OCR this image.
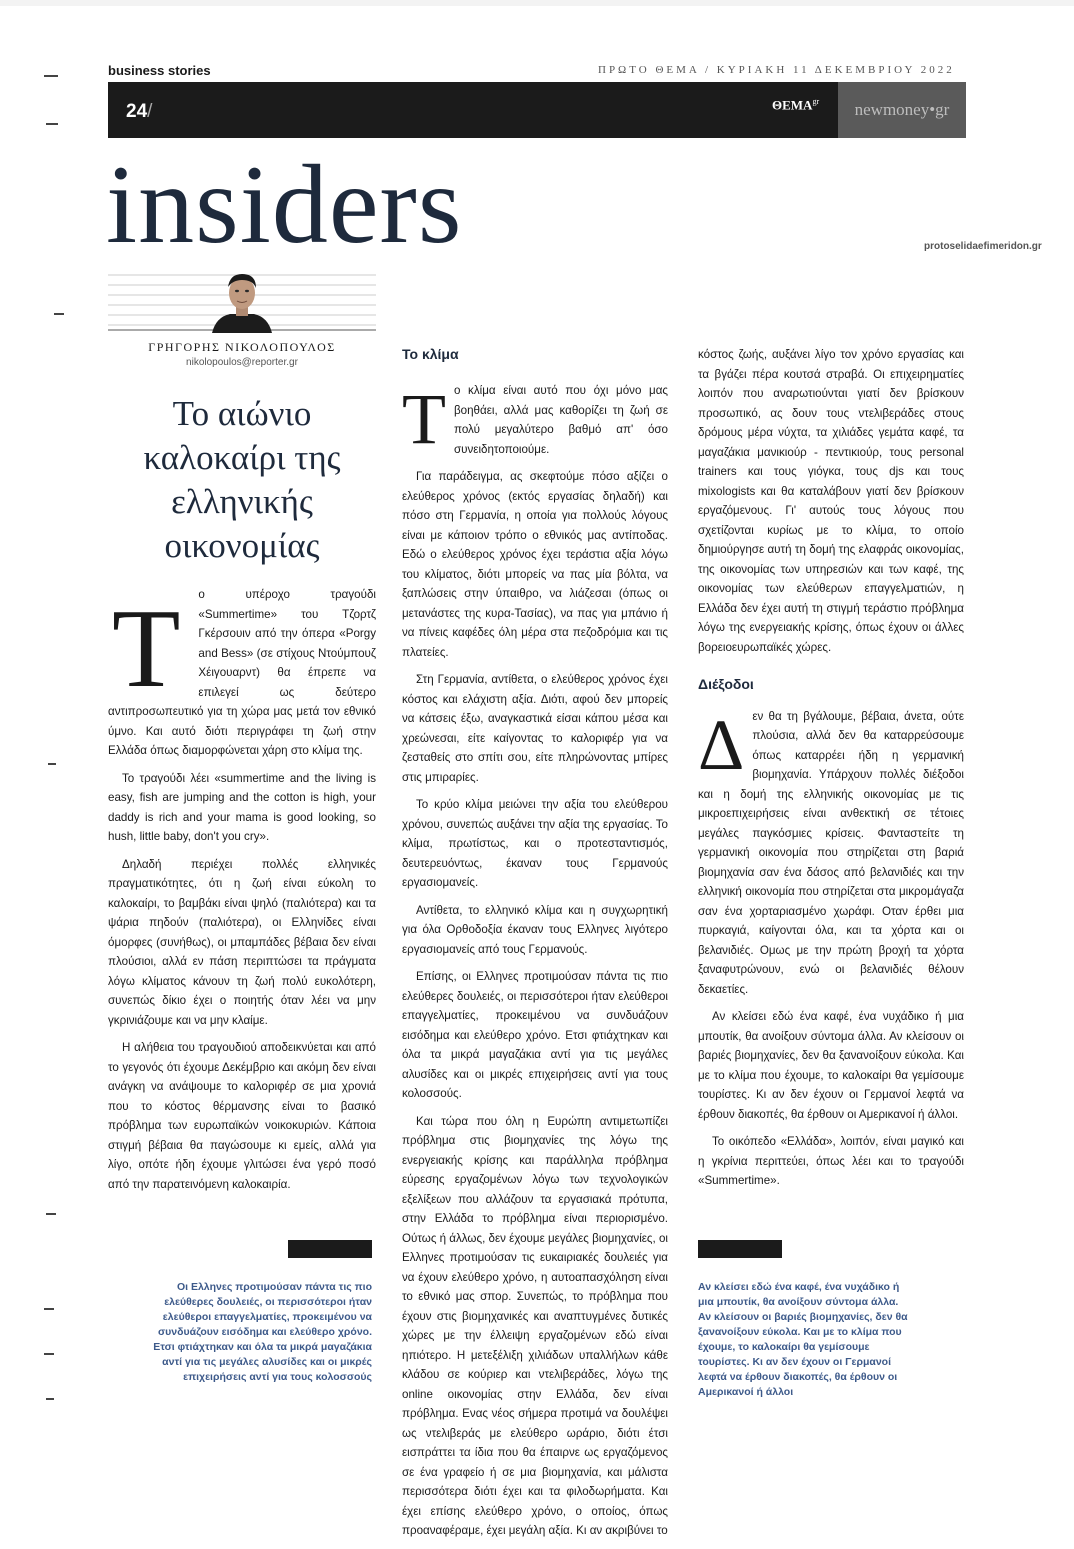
business stories	ΠΡΩΤΟ ΘΕΜΑ / ΚΥΡΙΑΚΗ 11 ΔΕΚΕΜΒΡΙΟΥ 2022
24/	$\Theta EMA^{gr}$	newmoney•gr
insiders	protoselidaefimeridon.gr
ΓΡΗΓΟΡΗΣ ΝΙΚΟΛΟΠΟΥΛΟΣ
nikolopoulos@reporter.gr
Το αιώνιο καλοκαίρι της ελληνικής οικονομίας

Τ ο υπέροχο τραγούδι «Summertime» του Τζορτζ Γκέρσουιν από την όπερα «Porgy and Bess» (σε στίχους Ντούμπουζ Χέιγουαρντ) θα έπρεπε να επιλεγεί ως δεύτερο αντιπροσωπευτικό για τη χώρα μας μετά τον εθνικό ύμνο. Και αυτό διότι περιγράφει τη ζωή στην Ελλάδα όπως διαμορφώνεται χάρη στο κλίμα της.

Το τραγούδι λέει «summertime and the living is easy, fish are jumping and the cotton is high, your daddy is rich and your mama is good looking, so hush, little baby, don't you cry».

Δηλαδή περιέχει πολλές ελληνικές πραγματικότητες, ότι η ζωή είναι εύκολη το καλοκαίρι, το βαμβάκι είναι ψηλό (παλιότερα) και τα ψάρια πηδούν (παλιότερα), οι Ελληνίδες είναι όμορφες (συνήθως), οι μπαμπάδες βέβαια δεν είναι πλούσιοι, αλλά εν πάση περιπτώσει τα πράγματα λόγω κλίματος κάνουν τη ζωή πολύ ευκολότερη, συνεπώς δίκιο έχει ο ποιητής όταν λέει να μην γκρινιάζουμε και να μην κλαίμε.

Η αλήθεια του τραγουδιού αποδεικνύεται και από το γεγονός ότι έχουμε Δεκέμβριο και ακόμη δεν είναι ανάγκη να ανάψουμε το καλοριφέρ σε μια χρονιά που το κόστος θέρμανσης είναι το βασικό πρόβλημα των ευρωπαϊκών νοικοκυριών. Κάποια στιγμή βέβαια θα παγώσουμε κι εμείς, αλλά για λίγο, οπότε ήδη έχουμε γλιτώσει ένα γερό ποσό από την παρατεινόμενη καλοκαιρία.

Το κλίμα

Το κλίμα είναι αυτό που όχι μόνο μας βοηθάει, αλλά μας καθορίζει τη ζωή σε πολύ μεγαλύτερο βαθμό απ' όσο συνειδητοποιούμε.

Για παράδειγμα, ας σκεφτούμε πόσο αξίζει ο ελεύθερος χρόνος (εκτός εργασίας δηλαδή) και πόσο στη Γερμανία, η οποία για πολλούς λόγους είναι με κάποιον τρόπο ο εθνικός μας αντίποδας. Εδώ ο ελεύθερος χρόνος έχει τεράστια αξία λόγω του κλίματος, διότι μπορείς να πας μία βόλτα, να ξαπλώσεις στην ύπαιθρο, να λιάζεσαι (όπως οι μετανάστες της κυρα-Τασίας), να πας για μπάνιο ή να πίνεις καφέδες όλη μέρα στα πεζοδρόμια και τις πλατείες.

Στη Γερμανία, αντίθετα, ο ελεύθερος χρόνος έχει κόστος και ελάχιστη αξία. Διότι, αφού δεν μπορείς να κάτσεις έξω, αναγκαστικά είσαι κάπου μέσα και χρεώνεσαι, είτε καίγοντας το καλοριφέρ για να ζεσταθείς στο σπίτι σου, είτε πληρώνοντας μπίρες στις μπιραρίες.

Το κρύο κλίμα μειώνει την αξία του ελεύθερου χρόνου, συνεπώς αυξάνει την αξία της εργασίας. Το κλίμα, πρωτίστως, και ο προτεσταντισμός, δευτερευόντως, έκαναν τους Γερμανούς εργασιομανείς.

Αντίθετα, το ελληνικό κλίμα και η συγχωρητική για όλα Ορθοδοξία έκαναν τους Ελληνες λιγότερο εργασιομανείς από τους Γερμανούς.

Επίσης, οι Ελληνες προτιμούσαν πάντα τις πιο ελεύθερες δουλειές, οι περισσότεροι ήταν ελεύθεροι επαγγελματίες, προκειμένου να συνδυάζουν εισόδημα και ελεύθερο χρόνο. Ετσι φτιάχτηκαν και όλα τα μικρά μαγαζάκια αντί για τις μεγάλες αλυσίδες και οι μικρές επιχειρήσεις αντί για τους κολοσσούς.

Και τώρα που όλη η Ευρώπη αντιμετωπίζει πρόβλημα στις βιομηχανίες της λόγω της ενεργειακής κρίσης και παράλληλα πρόβλημα εύρεσης εργαζομένων λόγω των τεχνολογικών εξελίξεων που αλλάζουν τα εργασιακά πρότυπα, στην Ελλάδα το πρόβλημα είναι περιορισμένο. Ούτως ή άλλως, δεν έχουμε μεγάλες βιομηχανίες, οι Ελληνες προτιμούσαν τις ευκαιριακές δουλειές για να έχουν ελεύθερο χρόνο, η αυτοαπασχόληση είναι το εθνικό μας σπορ. Συνεπώς, το πρόβλημα που έχουν στις βιομηχανικές και αναπτυγμένες δυτικές χώρες με την έλλειψη εργαζομένων εδώ είναι ηπιότερο. Η μετεξέλιξη χιλιάδων υπαλλήλων κάθε κλάδου σε κούριερ και ντελιβεράδες, λόγω της online οικονομίας στην Ελλάδα, δεν είναι πρόβλημα. Ενας νέος σήμερα προτιμά να δουλέψει ως ντελιβεράς με ελεύθερο ωράριο, διότι έτσι εισπράττει τα ίδια που θα έπαιρνε ως εργαζόμενος σε ένα γραφείο ή σε μια βιομηχανία, και μάλιστα περισσότερα διότι έχει και τα φιλοδωρήματα. Και έχει επίσης ελεύθερο χρόνο, ο οποίος, όπως προαναφέραμε, έχει μεγάλη αξία. Κι αν ακριβύνει το

κόστος ζωής, αυξάνει λίγο τον χρόνο εργασίας και τα βγάζει πέρα κουτσά στραβά. Οι επιχειρηματίες λοιπόν που αναρωτιούνται γιατί δεν βρίσκουν προσωπικό, ας δουν τους ντελιβεράδες στους δρόμους μέρα νύχτα, τα χιλιάδες γεμάτα καφέ, τα μαγαζάκια μανικιούρ - πεντικιούρ, τους personal trainers και τους γιόγκα, τους djs και τους mixologists και θα καταλάβουν γιατί δεν βρίσκουν εργαζόμενους. Γι' αυτούς τους λόγους που σχετίζονται κυρίως με το κλίμα, το οποίο δημιούργησε αυτή τη δομή της ελαφράς οικονομίας, της οικονομίας των υπηρεσιών και των καφέ, της οικονομίας των ελεύθερων επαγγελματιών, η Ελλάδα δεν έχει αυτή τη στιγμή τεράστιο πρόβλημα λόγω της ενεργειακής κρίσης, όπως έχουν οι άλλες βορειοευρωπαϊκές χώρες.

Διέξοδοι

Δεν θα τη βγάλουμε, βέβαια, άνετα, ούτε πλούσια, αλλά δεν θα καταρρεύσουμε όπως καταρρέει ήδη η γερμανική βιομηχανία. Υπάρχουν πολλές διέξοδοι και η δομή της ελληνικής οικονομίας με τις μικροεπιχειρήσεις είναι ανθεκτική σε τέτοιες μεγάλες παγκόσμιες κρίσεις. Φανταστείτε τη γερμανική οικονομία που στηρίζεται στη βαριά βιομηχανία σαν ένα δάσος από βελανιδιές και την ελληνική οικονομία που στηρίζεται στα μικρομάγαζα σαν ένα χορταριασμένο χωράφι. Οταν έρθει μια πυρκαγιά, καίγονται όλα, και τα χόρτα και οι βελανιδιές. Ομως με την πρώτη βροχή τα χόρτα ξαναφυτρώνουν, ενώ οι βελανιδιές θέλουν δεκαετίες.

Αν κλείσει εδώ ένα καφέ, ένα νυχάδικο ή μια μπουτίκ, θα ανοίξουν σύντομα άλλα. Αν κλείσουν οι βαριές βιομηχανίες, δεν θα ξανανοίξουν εύκολα. Και με το κλίμα που έχουμε, το καλοκαίρι θα γεμίσουμε τουρίστες. Κι αν δεν έχουν οι Γερμανοί λεφτά να έρθουν διακοπές, θα έρθουν οι Αμερικανοί ή άλλοι.

Το οικόπεδο «Ελλάδα», λοιπόν, είναι μαγικό και η γκρίνια περιττεύει, όπως λέει και το τραγούδι «Summertime».

Οι Ελληνες προτιμούσαν πάντα τις πιο ελεύθερες δουλειές, οι περισσότεροι ήταν ελεύθεροι επαγγελματίες, προκειμένου να συνδυάζουν εισόδημα και ελεύθερο χρόνο. Ετσι φτιάχτηκαν και όλα τα μικρά μαγαζάκια αντί για τις μεγάλες αλυσίδες και οι μικρές επιχειρήσεις αντί για τους κολοσσούς
Αν κλείσει εδώ ένα καφέ, ένα νυχάδικο ή μια μπουτίκ, θα ανοίξουν σύντομα άλλα. Αν κλείσουν οι βαριές βιομηχανίες, δεν θα ξανανοίξουν εύκολα. Και με το κλίμα που έχουμε, το καλοκαίρι θα γεμίσουμε τουρίστες. Κι αν δεν έχουν οι Γερμανοί λεφτά να έρθουν διακοπές, θα έρθουν οι Αμερικανοί ή άλλοι
